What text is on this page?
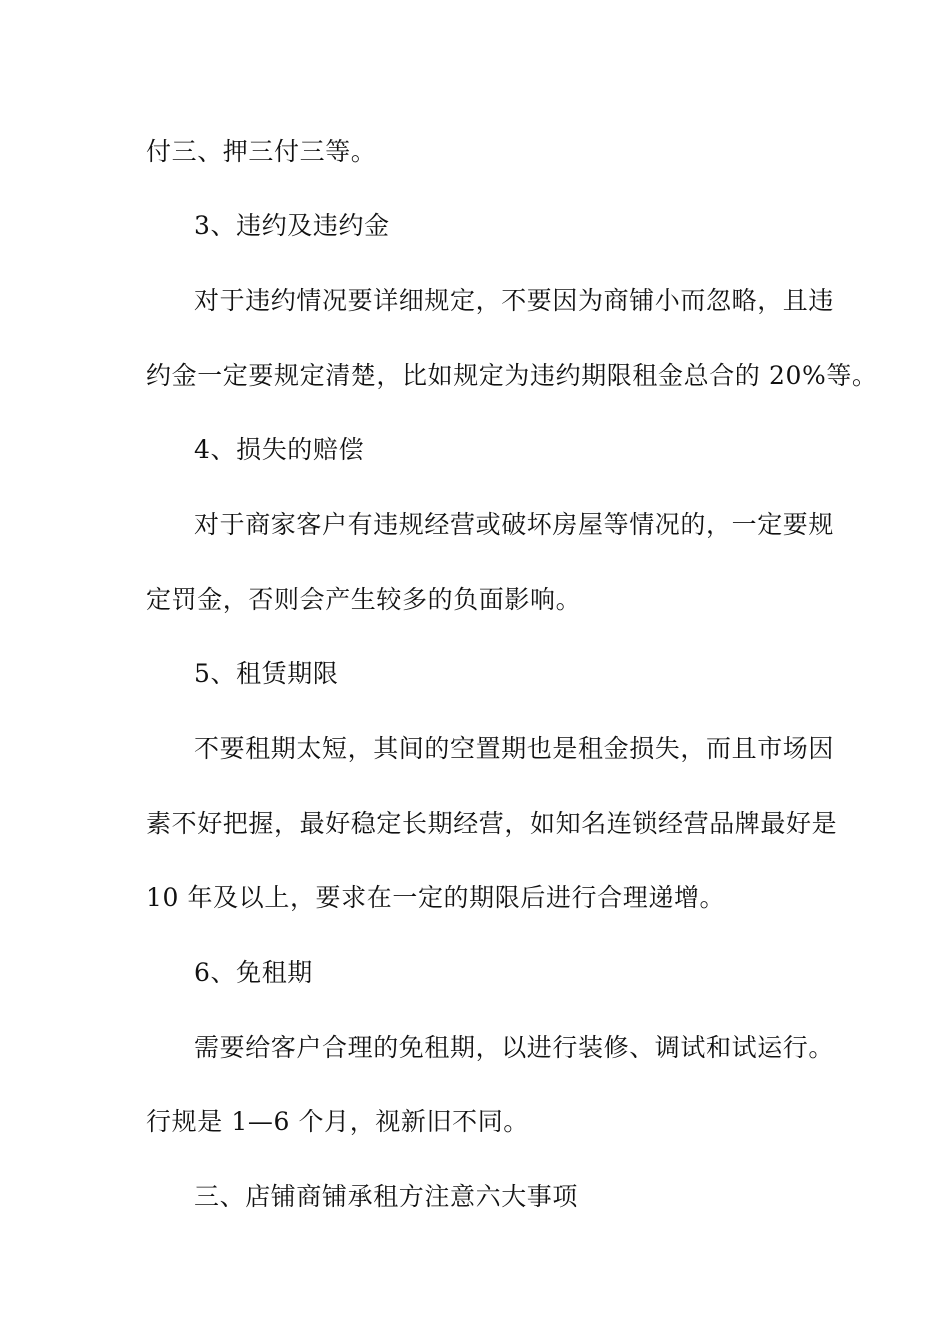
付三、押三付三等。
3、违约及违约金
对于违约情况要详细规定，不要因为商铺小而忽略，且违
约金一定要规定清楚，比如规定为违约期限租金总合的 20%等。
4、损失的赔偿
对于商家客户有违规经营或破坏房屋等情况的，一定要规
定罚金，否则会产生较多的负面影响。
5、租赁期限
不要租期太短，其间的空置期也是租金损失，而且市场因
素不好把握，最好稳定长期经营，如知名连锁经营品牌最好是
10 年及以上，要求在一定的期限后进行合理递增。
6、免租期
需要给客户合理的免租期，以进行装修、调试和试运行。
行规是 1—6 个月，视新旧不同。
三、店铺商铺承租方注意六大事项
